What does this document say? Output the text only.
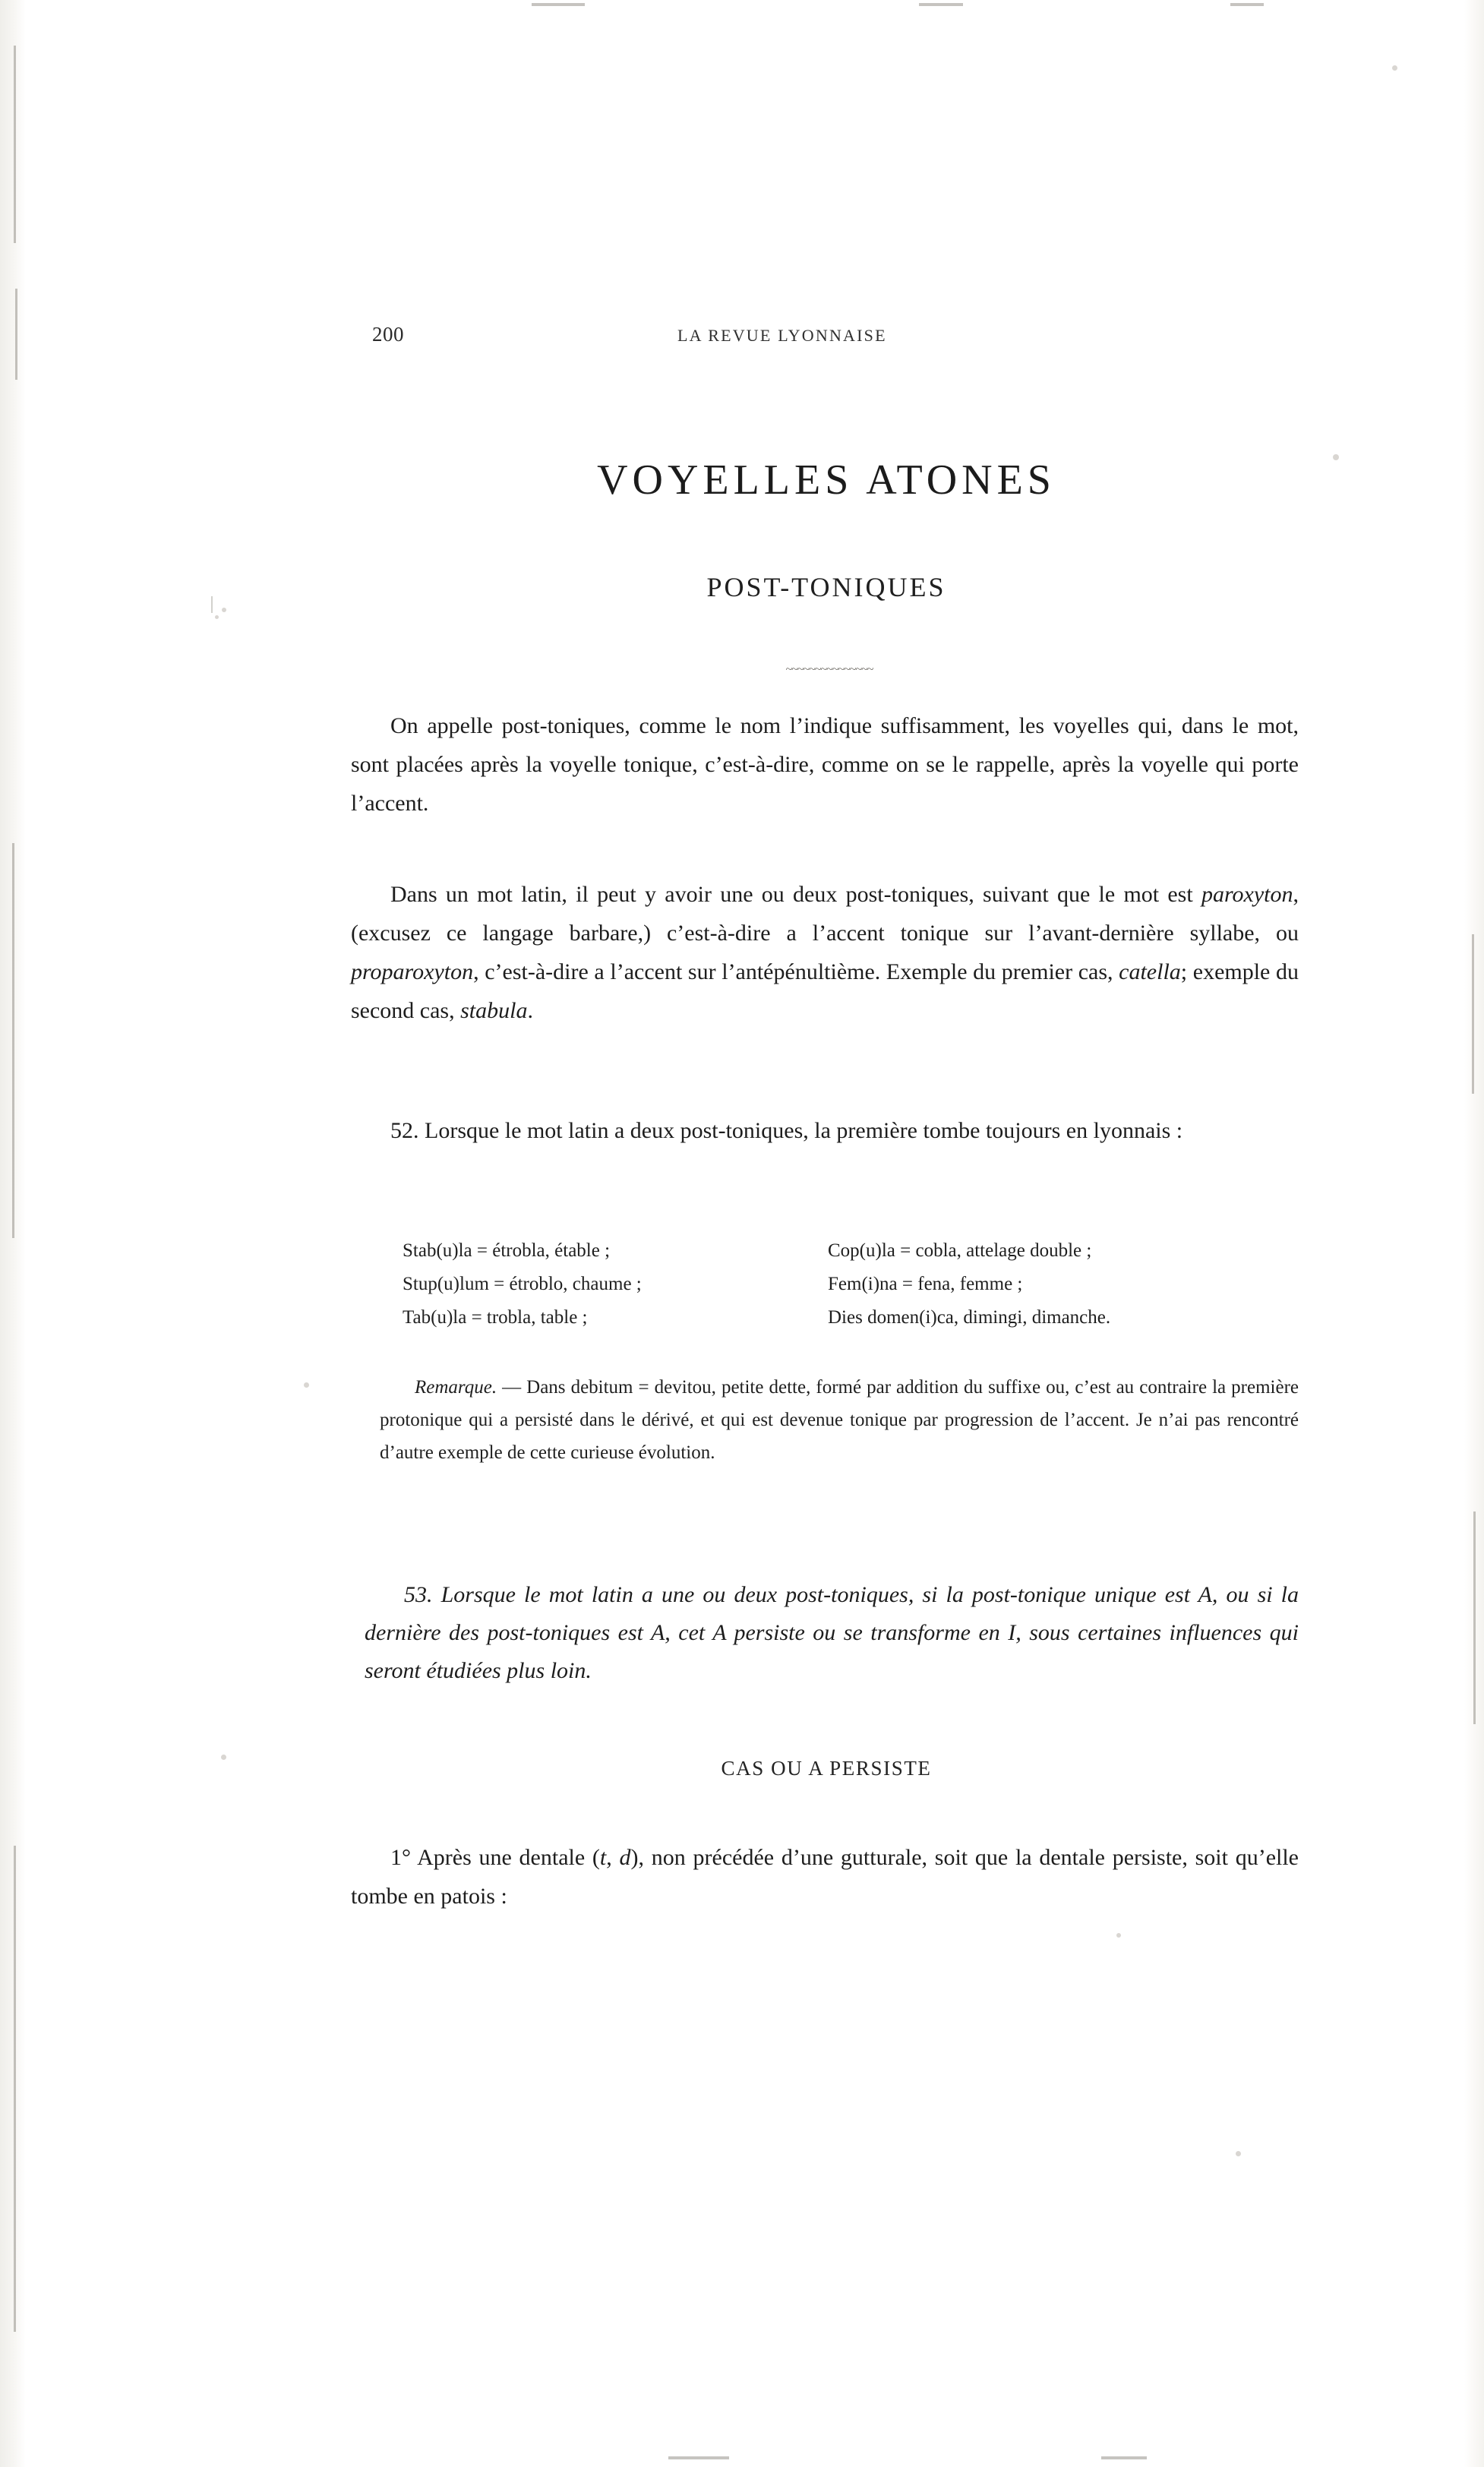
200	LA REVUE LYONNAISE
VOYELLES ATONES
POST-TONIQUES
~~~~~~~~~~~~~~~

On appelle post-toniques, comme le nom l’indique suffisamment, les voyelles qui, dans le mot, sont placées après la voyelle tonique, c’est-à-dire, comme on se le rappelle, après la voyelle qui porte l’accent.

Dans un mot latin, il peut y avoir une ou deux post-toniques, suivant que le mot est paroxyton, (excusez ce langage barbare,) c’est-à-dire a l’accent tonique sur l’avant-dernière syllabe, ou proparoxyton, c’est-à-dire a l’accent sur l’antépénultième. Exemple du premier cas, catella; exemple du second cas, stabula.

52. Lorsque le mot latin a deux post-toniques, la première tombe toujours en lyonnais :

Stab(u)la = étrobla, étable ;	Cop(u)la = cobla, attelage double ;
Stup(u)lum = étroblo, chaume ;	Fem(i)na = fena, femme ;
Tab(u)la = trobla, table ;	Dies domen(i)ca, dimingi, dimanche.
Remarque. — Dans debitum = devitou, petite dette, formé par addition du suffixe ou, c’est au contraire la première protonique qui a persisté dans le dérivé, et qui est devenue tonique par progression de l’accent. Je n’ai pas rencontré d’autre exemple de cette curieuse évolution.

53. Lorsque le mot latin a une ou deux post-toniques, si la post-tonique unique est A, ou si la dernière des post-toniques est A, cet A persiste ou se transforme en I, sous certaines influences qui seront étudiées plus loin.

CAS OU A PERSISTE

1° Après une dentale (t, d), non précédée d’une gutturale, soit que la dentale persiste, soit qu’elle tombe en patois :
